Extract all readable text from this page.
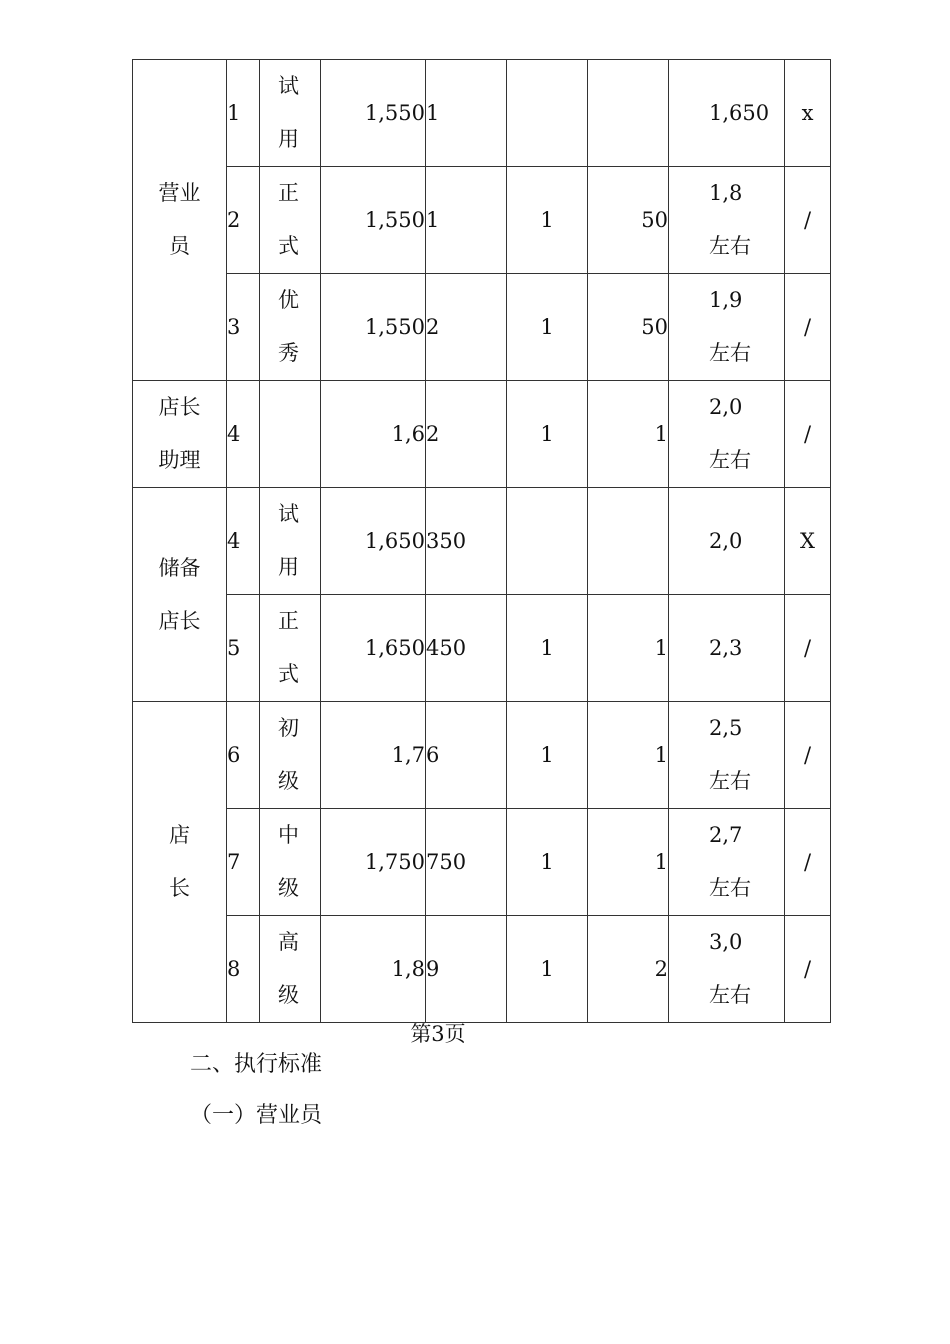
营业员	1	试用	1,550	1			1,650	x
	2	正式	1,550	1	1	50	1,8左右	/
	3	优秀	1,550	2	1	50	1,9左右	/
店长助理	4		1,6	2	1	1	2,0左右	/
储备店长	4	试用	1,650	350			2,0	X
	5	正式	1,650	450	1	1	2,3	/
店长	6	初级	1,7	6	1	1	2,5左右	/
	7	中级	1,750	750	1	1	2,7左右	/
	8	高级	1,8	9	1	2	3,0左右	/
第3页
二、执行标准
（一）营业员
